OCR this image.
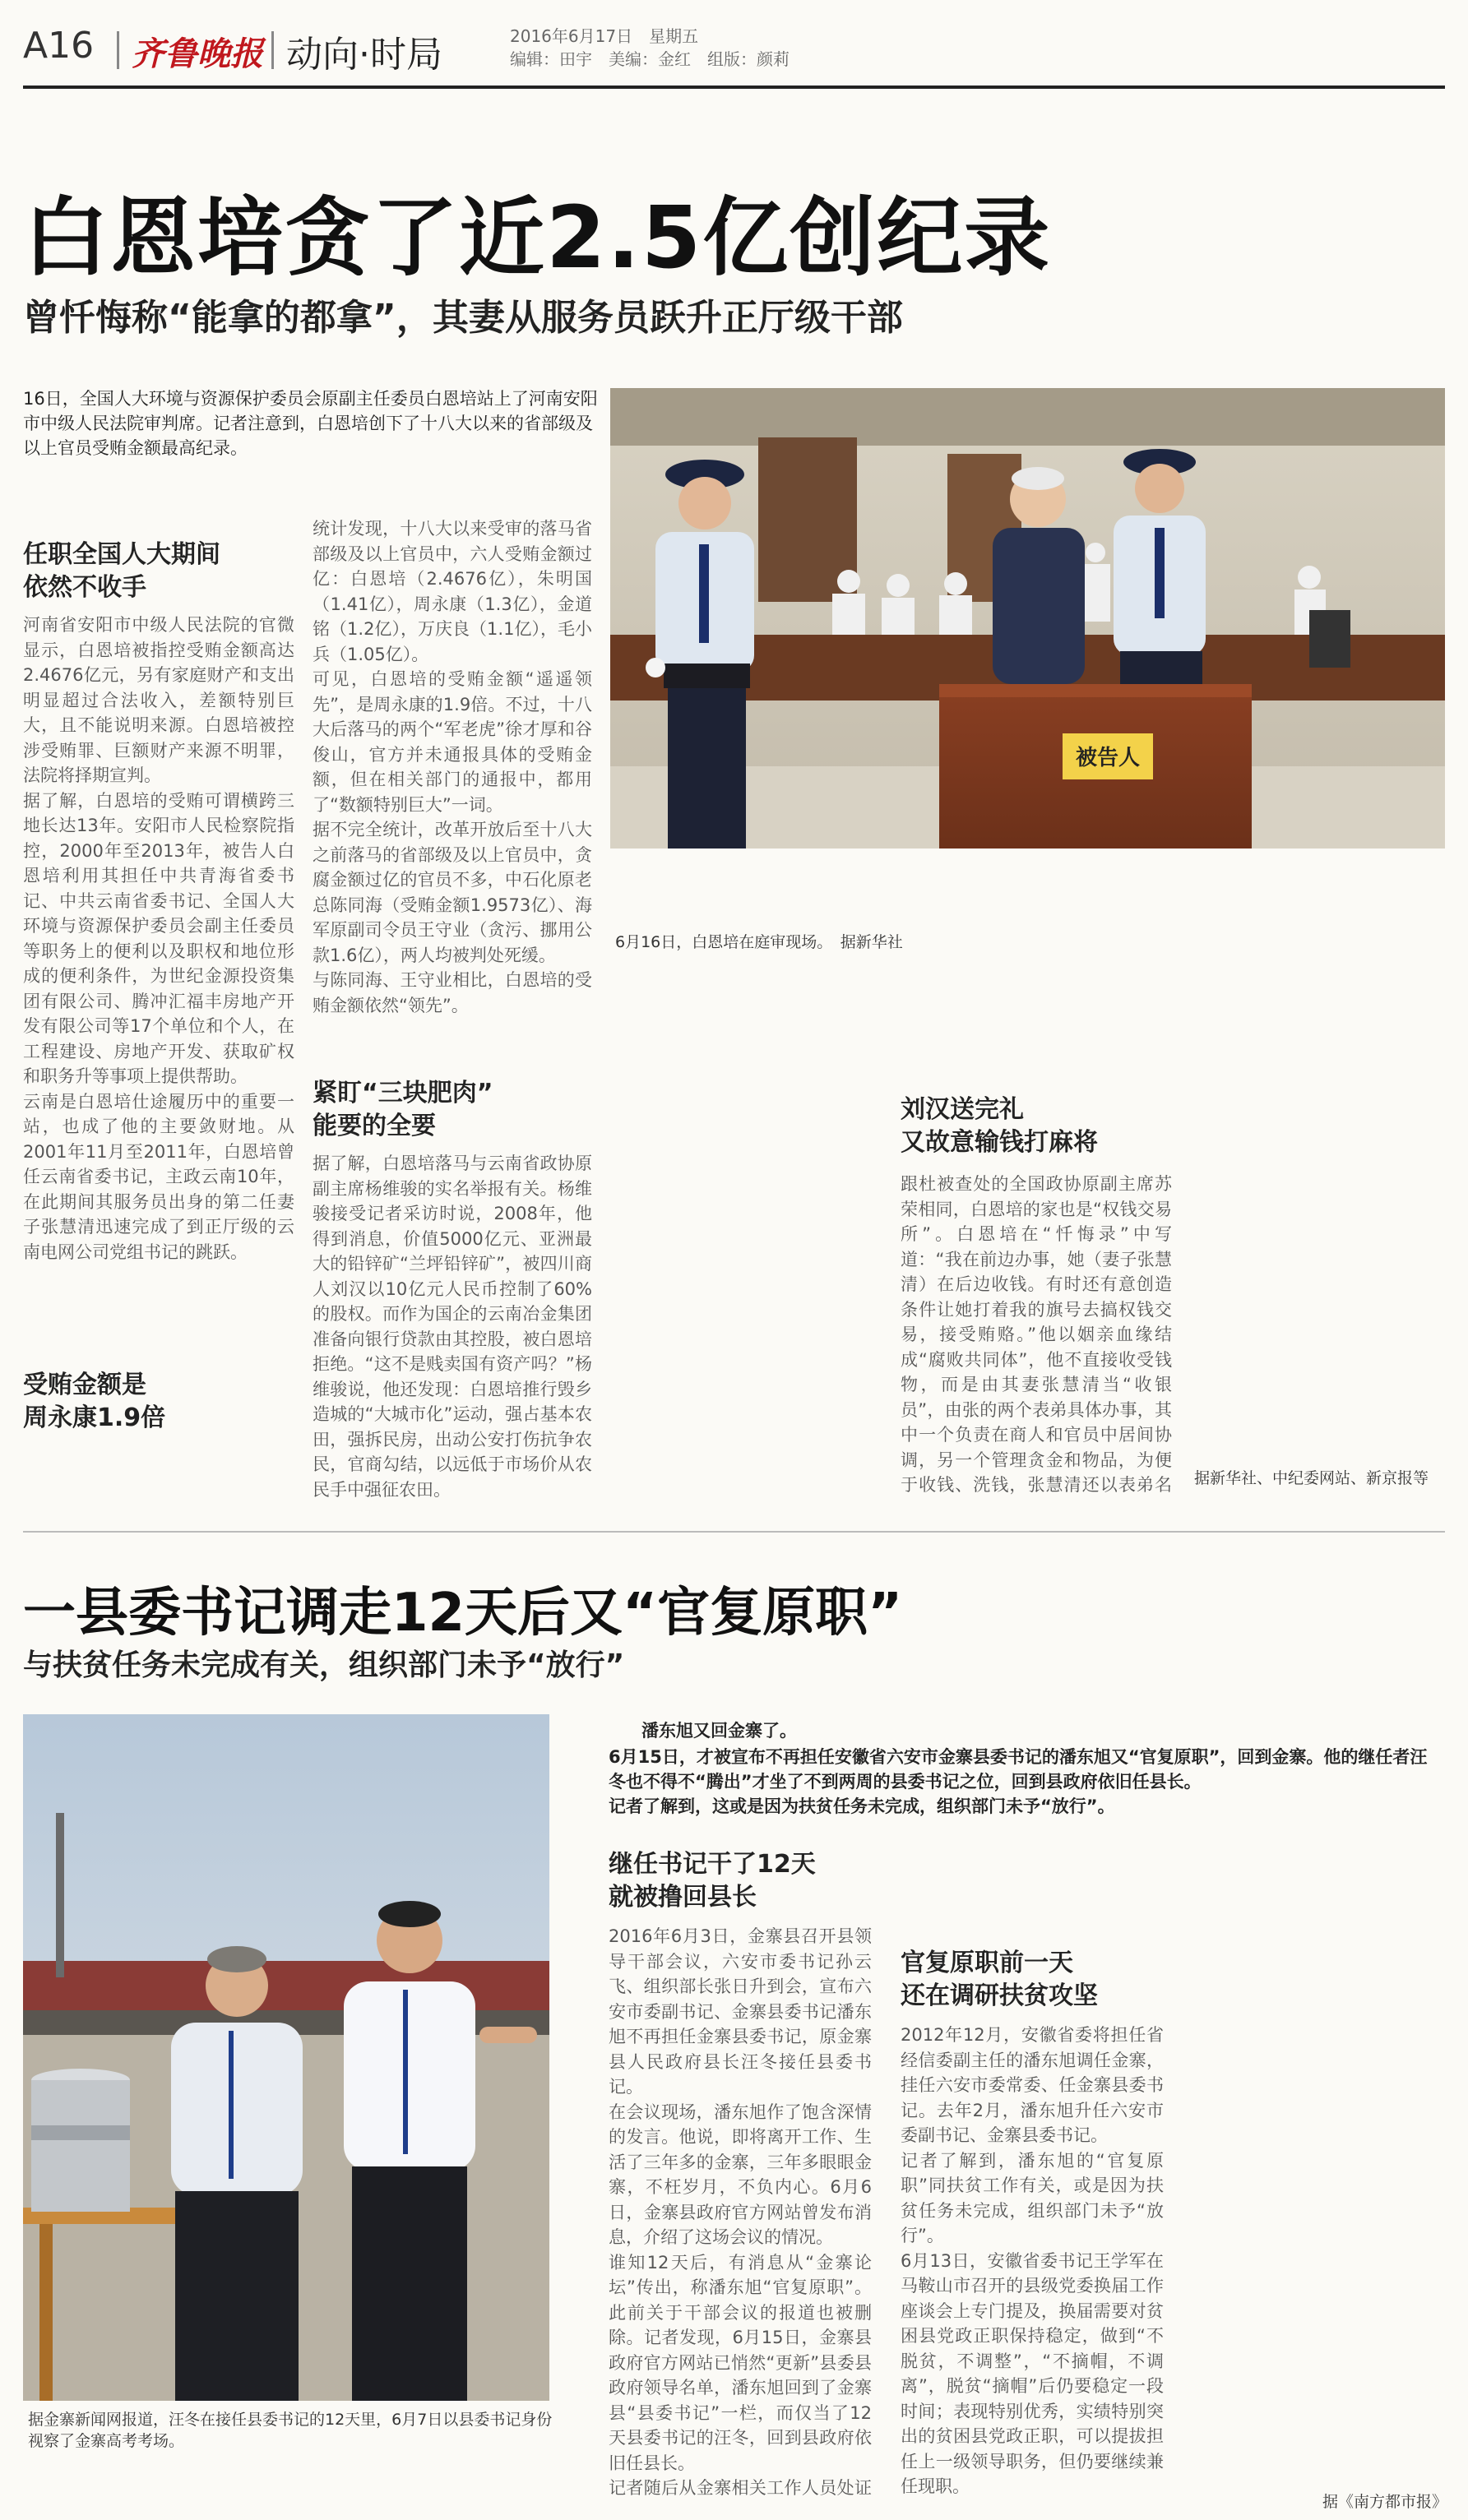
A16 齐鲁晚报 动向·时局	2016年6月17日　 星期五
编辑：田宇　美编：金红　组版：颜莉
白恩培贪了近2.5亿创纪录
曾忏悔称“能拿的都拿”，其妻从服务员跃升正厅级干部
16日，全国人大环境与资源保护委员会原副主任委员白恩培站上了河南安阳市中级人民法院审判席。记者注意到，白恩培创下了十八大以来的省部级及以上官员受贿金额最高纪录。
被告人
6月16日，白恩培在庭审现场。　据新华社
任职全国人大期间
依然不收手
河南省安阳市中级人民法院的官微显示，白恩培被指控受贿金额高达2.4676亿元，另有家庭财产和支出明显超过合法收入，差额特别巨大，且不能说明来源。白恩培被控涉受贿罪、巨额财产来源不明罪，法院将择期宣判。
据了解，白恩培的受贿可谓横跨三地长达13年。安阳市人民检察院指控，2000年至2013年，被告人白恩培利用其担任中共青海省委书记、中共云南省委书记、全国人大环境与资源保护委员会副主任委员等职务上的便利以及职权和地位形成的便利条件，为世纪金源投资集团有限公司、腾冲汇福丰房地产开发有限公司等17个单位和个人，在工程建设、房地产开发、获取矿权和职务升等事项上提供帮助。
云南是白恩培仕途履历中的重要一站，也成了他的主要敛财地。从2001年11月至2011年，白恩培曾任云南省委书记，主政云南10年，在此期间其服务员出身的第二任妻子张慧清迅速完成了到正厅级的云南电网公司党组书记的跳跃。
受贿金额是
周永康1.9倍
统计发现，十八大以来受审的落马省部级及以上官员中，六人受贿金额过亿：白恩培（2.4676亿），朱明国（1.41亿），周永康（1.3亿），金道铭（1.2亿），万庆良（1.1亿），毛小兵（1.05亿）。
可见，白恩培的受贿金额“遥遥领先”，是周永康的1.9倍。不过，十八大后落马的两个“军老虎”徐才厚和谷俊山，官方并未通报具体的受贿金额，但在相关部门的通报中，都用了“数额特别巨大”一词。
据不完全统计，改革开放后至十八大之前落马的省部级及以上官员中，贪腐金额过亿的官员不多，中石化原老总陈同海（受贿金额1.9573亿）、海军原副司令员王守业（贪污、挪用公款1.6亿），两人均被判处死缓。
与陈同海、王守业相比，白恩培的受贿金额依然“领先”。
紧盯“三块肥肉”
能要的全要
据了解，白恩培落马与云南省政协原副主席杨维骏的实名举报有关。杨维骏接受记者采访时说，2008年，他得到消息，价值5000亿元、亚洲最大的铅锌矿“兰坪铅锌矿”，被四川商人刘汉以10亿元人民币控制了60%的股权。而作为国企的云南冶金集团准备向银行贷款由其控股，被白恩培拒绝。“这不是贱卖国有资产吗？”杨维骏说，他还发现：白恩培推行毁乡造城的“大城市化”运动，强占基本农田，强拆民房，出动公安打伤抗争农民，官商勾结，以远低于市场价从农民手中强征农田。

刘汉送完礼
又故意输钱打麻将
跟杜被查处的全国政协原副主席苏荣相同，白恩培的家也是“权钱交易所”。白恩培在“忏悔录”中写道：“我在前边办事，她（妻子张慧清）在后边收钱。有时还有意创造条件让她打着我的旗号去搞权钱交易，接受贿赂。”他以姻亲血缘结成“腐败共同体”，他不直接收受钱物，而是由其妻张慧清当“收银员”，由张的两个表弟具体办事，其中一个负责在商人和官员中居间协调，另一个管理贪金和物品，为便于收钱、洗钱，张慧清还以表弟名 据新华社、中纪委网站、新京报等
一县委书记调走12天后又“官复原职”
与扶贫任务未完成有关，组织部门未予“放行”
据金寨新闻网报道，汪冬在接任县委书记的12天里，6月7日以县委书记身份视察了金寨高考考场。
潘东旭又回金寨了。
6月15日，才被宣布不再担任安徽省六安市金寨县委书记的潘东旭又“官复原职”，回到金寨。他的继任者汪冬也不得不“腾出”才坐了不到两周的县委书记之位，回到县政府依旧任县长。
记者了解到，这或是因为扶贫任务未完成，组织部门未予“放行”。
继任书记干了12天
就被撸回县长
2016年6月3日，金寨县召开县领导干部会议，六安市委书记孙云飞、组织部长张日升到会，宣布六安市委副书记、金寨县委书记潘东旭不再担任金寨县委书记，原金寨县人民政府县长汪冬接任县委书记。
在会议现场，潘东旭作了饱含深情的发言。他说，即将离开工作、生活了三年多的金寨，三年多眼眼金寨，不枉岁月，不负内心。6月6日，金寨县政府官方网站曾发布消息，介绍了这场会议的情况。
谁知12天后，有消息从“金寨论坛”传出，称潘东旭“官复原职”。此前关于干部会议的报道也被删除。记者发现，6月15日，金寨县政府官方网站已悄然“更新”县委县政府领导名单，潘东旭回到了金寨县“县委书记”一栏，而仅当了12天县委书记的汪冬，回到县政府依旧任县长。
记者随后从金寨相关工作人员处证
官复原职前一天
还在调研扶贫攻坚
2012年12月，安徽省委将担任省经信委副主任的潘东旭调任金寨，挂任六安市委常委、任金寨县委书记。去年2月，潘东旭升任六安市委副书记、金寨县委书记。
记者了解到，潘东旭的“官复原职”同扶贫工作有关，或是因为扶贫任务未完成，组织部门未予“放行”。
6月13日，安徽省委书记王学军在马鞍山市召开的县级党委换届工作座谈会上专门提及，换届需要对贫困县党政正职保持稳定，做到“不脱贫，不调整”，“不摘帽，不调离”，脱贫“摘帽”后仍要稳定一段时间；表现特别优秀，实绩特别突出的贫困县党政正职，可以提拔担任上一级领导职务，但仍要继续兼任现职。

据《南方都市报》
